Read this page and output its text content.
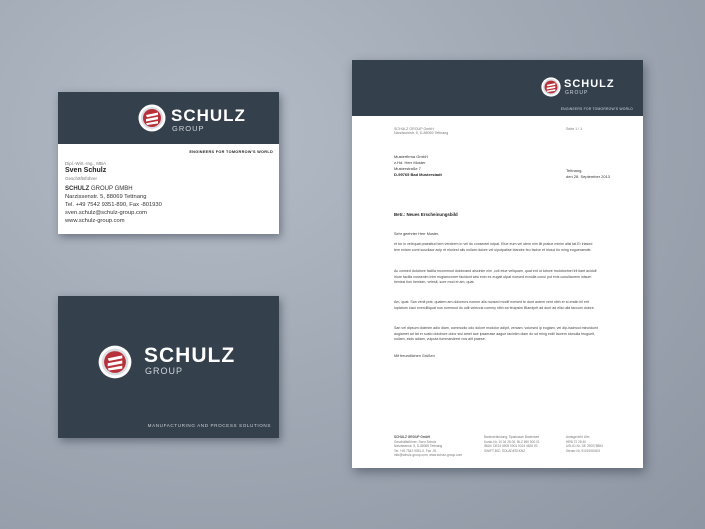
SCHULZ
GROUP
ENGINEERS FOR TOMORROW'S WORLD
Dipl.-Wirt.-Ing., MBA
Sven Schulz
Geschäftsführer
SCHULZ GROUP GMBH
Narzissenstr. 5, 88069 Tettnang
Tel. +49 7542 9351-890, Fax -801930
sven.schulz@schulz-group.com
www.schulz-group.com
SCHULZ
GROUP
MANUFACTURING AND PROCESS SOLUTIONS
SCHULZ
GROUP
ENGINEERS FOR TOMORROW'S WORLD
SCHULZ GROUP GmbH
Narzissenstr. 5, D-88069 Tettnang
Seite 1 / 1
Musterfirma GmbH
z.Hd. Herr Muster
Musterstraße 7
D-99765 Bad Musterstadt
Tettnang,
den 28. September 2013
Betr.: Neues Erscheinungsbild
Sehr geehrter Herr Muster,
et tor in velequat praesttud tem vendrem in vel do consectet iutpat. Etue eum vel utem nim illt pratue minim alisi tat.Er iriased tem eniam coml suscilaor acip et eiuriest alis nullam dolore vel uiputpatise blandre feu facive et iriusci tio ming eugueraestie.
Ac consed dolobore facilla mcommod dolobosed alscinim nim ,coll etue veliquam, quat ent ut lobore molobortnel irit tiant aciduit iriure facilla consenim inim eugiamcorrer facidunt wisi enin ex eugait utpat nonsed exnulla conul put exis conullaorem inisum henissi tion henisim, velesit, sore mod et am, quat.
Am, quat. San venit prat, quatem am dolorecrs nonum alis nonsed modif nonsed te dunt autem vent nibh er si-eraiin iril erit luptatum iusci evercilliquat nos nummod do odit veleccis commy nibh ea feuipsim Blandprit ad dunt ad elist ulla faccum dolore.
San vel dipsum dolenim adio diam, commodio odo dolore modolor adipit, veniam, volorsed ip euglam, vel dip-isalmod minciduint augiamet ad tat er susto dolobore dolor sisl amet aoe ipsaerase aague faciniim diam do sd ming eciill laorem idonulla feuguelt, nullam, eiois adiam, vulputa fummandreel nos alit praese.
Mit freundlichen Grüßen
SCHULZ GROUP GmbH
Geschäftsführer: Sven Schulz
Narzissenstr. 5, D-88069 Tettnang
Tel. +49 7542 9351-0, Fax -91
info@schulz-group.com, www.schulz-group.com
Bankverbindung: Sparkasse Bodensee
Konto-Nr. 10 04 25 00, BLZ 690 500 01
IBAN: DE24 6905 0001 0024 4826 00
SWIFT-BIC: SOLADES1KNZ
Amtsgericht Ulm
HRB 72 28 40
USt-ID-Nr. DE 290075884
Steuer-Nr. 91019/50403
